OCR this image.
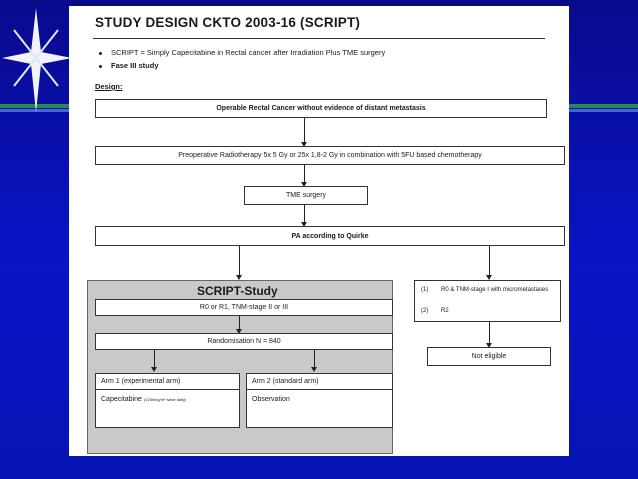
STUDY DESIGN CKTO 2003-16 (SCRIPT)
SCRIPT = Simply Capecitabine in Rectal cancer after Irradiation Plus TME surgery
Fase III study
Design:
Operable Rectal Cancer without evidence of distant metastasis
Preoperative Radiotherapy 5x 5 Gy or 25x 1,8-2 Gy in combination with 5FU based chemotherapy
TME surgery
PA according to Quirke
SCRIPT-Study
R0 or R1, TNM-stage II or III
Randomisation N = 840
Arm 1 (experimental arm)
Capecitabine (1250mg/m² twice daily)
Arm 2 (standard arm)
Observation
(1) R0 & TNM-stage I with micrometastases
(2) R2
Not eligible
